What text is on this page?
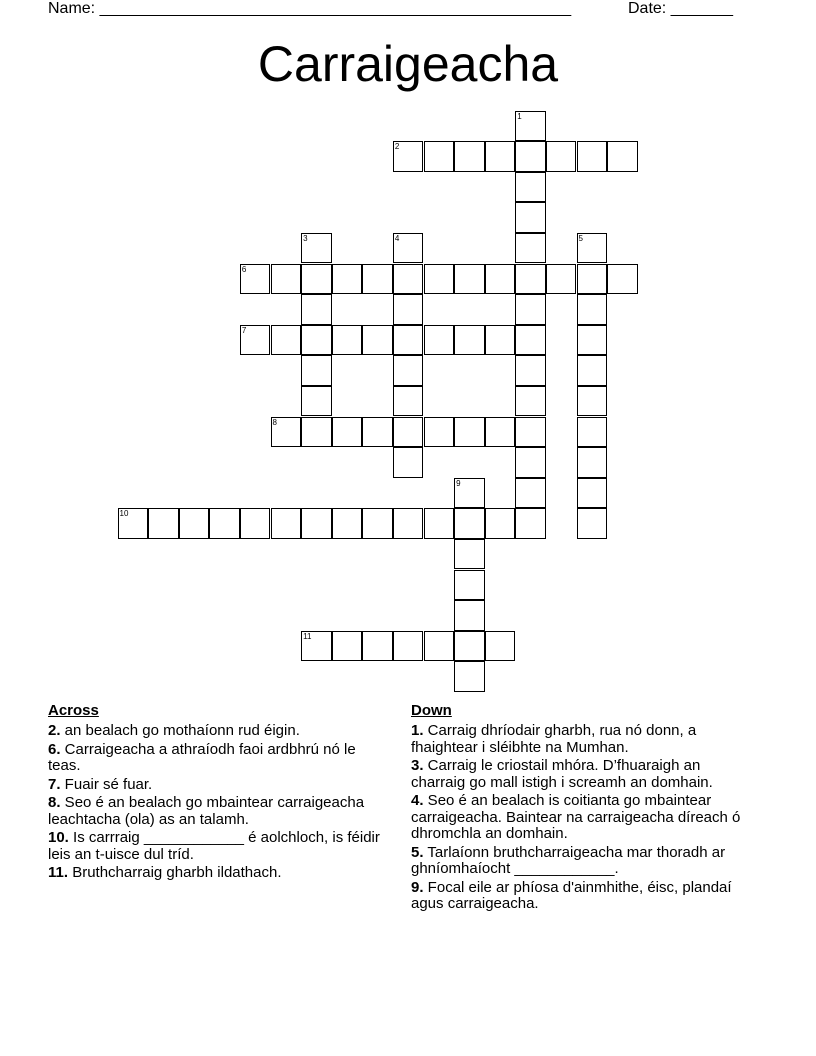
Name: _____________________________________________________	Date: _______
Carraigeacha
1
2
3	4	5
6
7
8
9
10
11
Across
2. an bealach go mothaíonn rud éigin.
6. Carraigeacha a athraíodh faoi ardbhrú nó le teas.
7. Fuair sé fuar.
8. Seo é an bealach go mbaintear carraigeacha leachtacha (ola) as an talamh.
10. Is carrraig ____________ é aolchloch, is féidir leis an t-uisce dul tríd.
11. Bruthcharraig gharbh ildathach.
Down
1. Carraig dhríodair gharbh, rua nó donn, a fhaightear i sléibhte na Mumhan.
3. Carraig le criostail mhóra. D’fhuaraigh an charraig go mall istigh i screamh an domhain.
4. Seo é an bealach is coitianta go mbaintear carraigeacha. Baintear na carraigeacha díreach ó dhromchla an domhain.
5. Tarlaíonn bruthcharraigeacha mar thoradh ar ghníomhaíocht ____________.
9. Focal eile ar phíosa d'ainmhithe, éisc, plandaí agus carraigeacha.
